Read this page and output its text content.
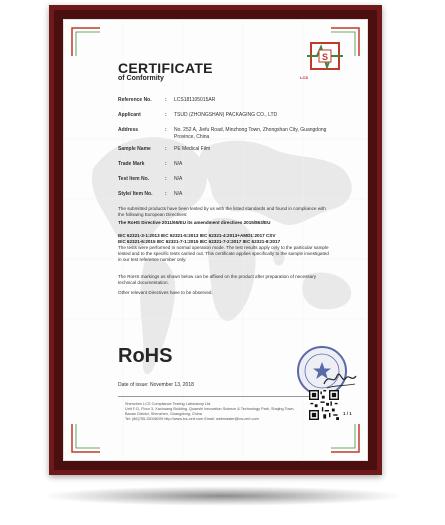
S
LCS
CERTIFICATE
of Conformity
Reference No.	: LCS181105015AR
Applicant	: TSUD (ZHONGSHAN) PACKAGING CO., LTD
Address	: No. 252 A, Jiefu Road, Minzhong Town, Zhongshan City, Guangdong Province, China
Sample Name	: PE Medical Film
Trade Mark	: N/A
Test Item No.	: N/A
Style/ Item No.	: N/A
The submitted products have been tested by us with the listed standards and found in compliance with the following European Directives:
The RoHS Directive 2011/65/EU its amendment directives 2015/863/EU
IEC 62321-3-1:2013 IEC 62321-5:2013 IEC 62321-4:2013+AMD1:2017 CSV
IEC 62321-6:2015 IEC 62321-7-1:2015 IEC 62321-7-2:2017 IEC 62321-8:2017
The tests were performed in normal operation mode. The test results apply only to the particular sample tested and to the specific tests carried out. This certificate applies specifically to the sample investigated in our test reference number only.
The RoHS markings as shown below can be affixed on the product after preparation of necessary technical documentation.
Other relevant Directives have to be observed.
RoHS
Date of issue: November 13, 2018
Shenzhen LCS Compliance Testing Laboratory Ltd.
Unit F-D, Floor 3, Xachuang Building, Quanshi Innovation Science & Technology Park, Shajing Town,
Baoan District, Shenzhen, Guangdong, China
Tel: (86)755-33008209 http://www.lcs-cert.com Email: webmaster@lcs-cert.com
1 / 1
